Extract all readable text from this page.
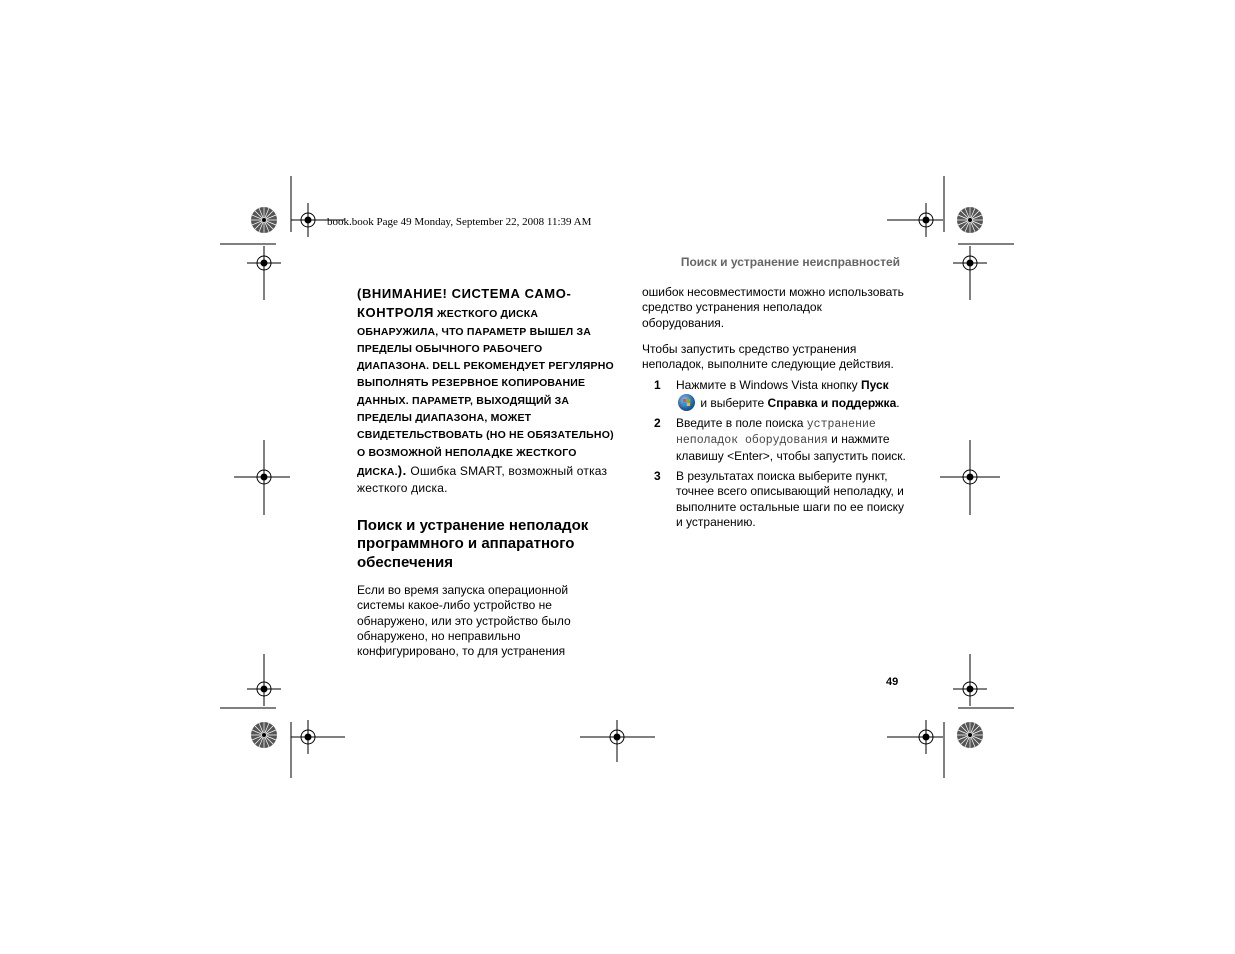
book.book Page 49 Monday, September 22, 2008 11:39 AM
Поиск и устранение неисправностей
49

(ВНИМАНИЕ! СИСТЕМА САМО-КОНТРОЛЯ ЖЕСТКОГО ДИСКА ОБНАРУЖИЛА, ЧТО ПАРАМЕТР ВЫШЕЛ ЗА ПРЕДЕЛЫ ОБЫЧНОГО РАБОЧЕГО ДИАПАЗОНА. DELL РЕКОМЕНДУЕТ РЕГУЛЯРНО ВЫПОЛНЯТЬ РЕЗЕРВНОЕ КОПИРОВАНИЕ ДАННЫХ. ПАРАМЕТР, ВЫХОДЯЩИЙ ЗА ПРЕДЕЛЫ ДИАПАЗОНА, МОЖЕТ СВИДЕТЕЛЬСТВОВАТЬ (НО НЕ ОБЯЗАТЕЛЬНО) О ВОЗМОЖНОЙ НЕПОЛАДКЕ ЖЕСТКОГО ДИСКА.). Ошибка SMART, возможный отказ жесткого диска.

Поиск и устранение неполадок программного и аппаратного обеспечения

Если во время запуска операционной системы какое-либо устройство не обнаружено, или это устройство было обнаружено, но неправильно конфигурировано, то для устранения

ошибок несовместимости можно использовать средство устранения неполадок оборудования.

Чтобы запустить средство устранения неполадок, выполните следующие действия.

1 Нажмите в Windows Vista кнопку Пуск
и выберите Справка и поддержка.
2 Введите в поле поиска устранение неполадок оборудования и нажмите клавишу <Enter>, чтобы запустить поиск.
3 В результатах поиска выберите пункт, точнее всего описывающий неполадку, и выполните остальные шаги по ее поиску и устранению.
